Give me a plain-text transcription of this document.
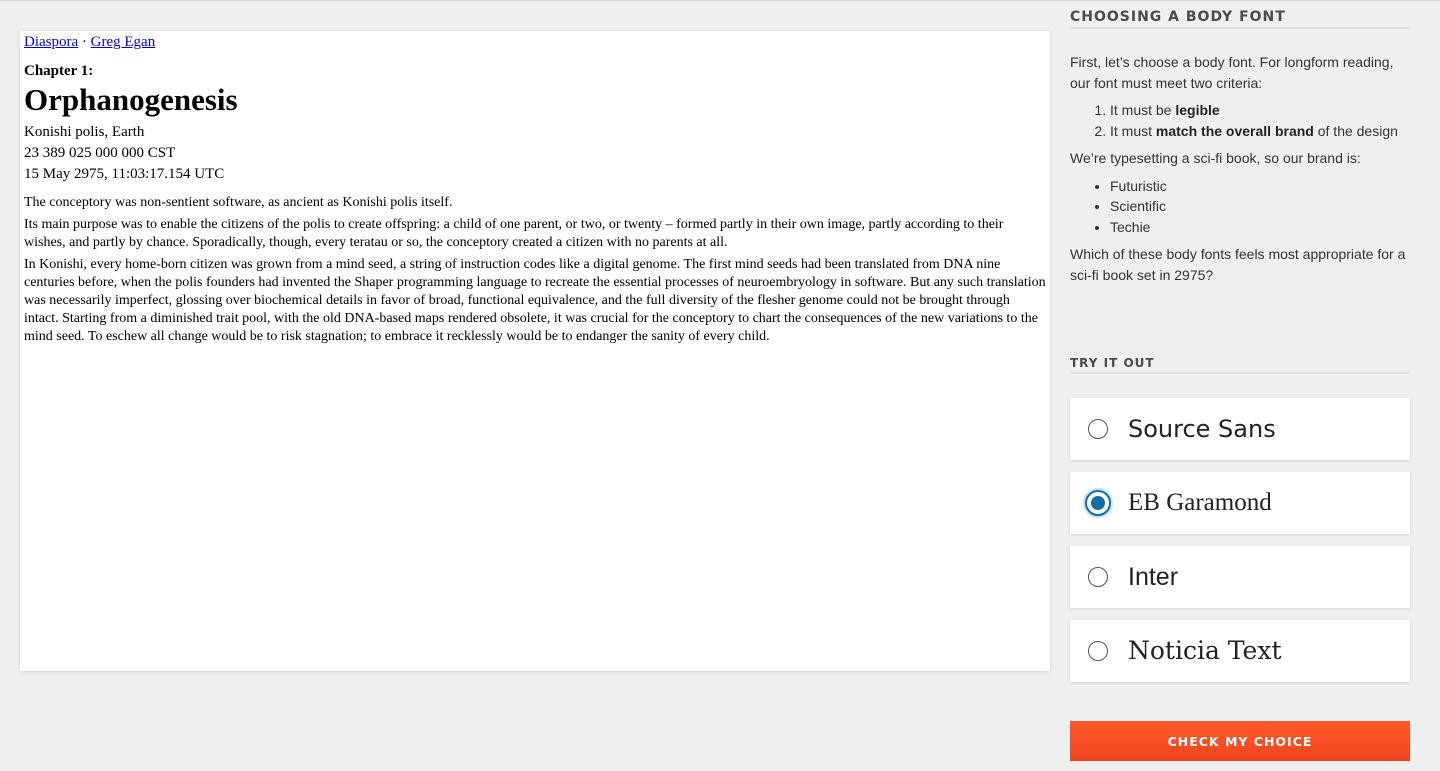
Diaspora · Greg Egan
Chapter 1:
Orphanogenesis
Konishi polis, Earth
23 389 025 000 000 CST
15 May 2975, 11:03:17.154 UTC

The conceptory was non-sentient software, as ancient as Konishi polis itself.

Its main purpose was to enable the citizens of the polis to create offspring: a child of one parent, or two, or twenty – formed partly in their own image, partly according to their wishes, and partly by chance. Sporadically, though, every teratau or so, the conceptory created a citizen with no parents at all.

In Konishi, every home-born citizen was grown from a mind seed, a string of instruction codes like a digital genome. The first mind seeds had been translated from DNA nine centuries before, when the polis founders had invented the Shaper programming language to recreate the essential processes of neuroembryology in software. But any such translation was necessarily imperfect, glossing over biochemical details in favor of broad, functional equivalence, and the full diversity of the flesher genome could not be brought through intact. Starting from a diminished trait pool, with the old DNA-based maps rendered obsolete, it was crucial for the conceptory to chart the consequences of the new variations to the mind seed. To eschew all change would be to risk stagnation; to embrace it recklessly would be to endanger the sanity of every child.

CHOOSING A BODY FONT

First, let’s choose a body font. For longform reading, our font must meet two criteria:

1. It must be legible
2. It must match the overall brand of the design

We’re typesetting a sci-fi book, so our brand is:

• Futuristic
• Scientific
• Techie

Which of these body fonts feels most appropriate for a sci-fi book set in 2975?

TRY IT OUT
Source Sans
EB Garamond
Inter
Noticia Text
CHECK MY CHOICE
